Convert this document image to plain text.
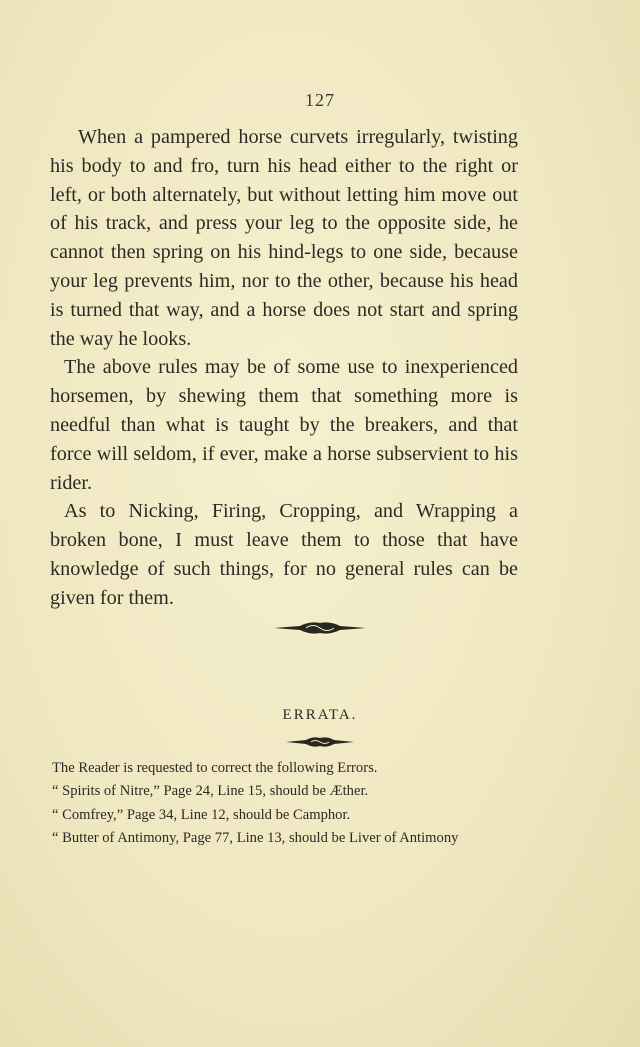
127

When a pampered horse curvets irregularly, twisting his body to and fro, turn his head either to the right or left, or both alternately, but without letting him move out of his track, and press your leg to the opposite side, he cannot then spring on his hind-legs to one side, because your leg prevents him, nor to the other, because his head is turned that way, and a horse does not start and spring the way he looks.

The above rules may be of some use to inexperienced horsemen, by shewing them that something more is needful than what is taught by the breakers, and that force will seldom, if ever, make a horse subservient to his rider.

As to Nicking, Firing, Cropping, and Wrapping a broken bone, I must leave them to those that have knowledge of such things, for no general rules can be given for them.

ERRATA.

The Reader is requested to correct the following Errors.

“ Spirits of Nitre,” Page 24, Line 15, should be Æther.

“ Comfrey,” Page 34, Line 12, should be Camphor.

“ Butter of Antimony, Page 77, Line 13, should be Liver of Antimony
